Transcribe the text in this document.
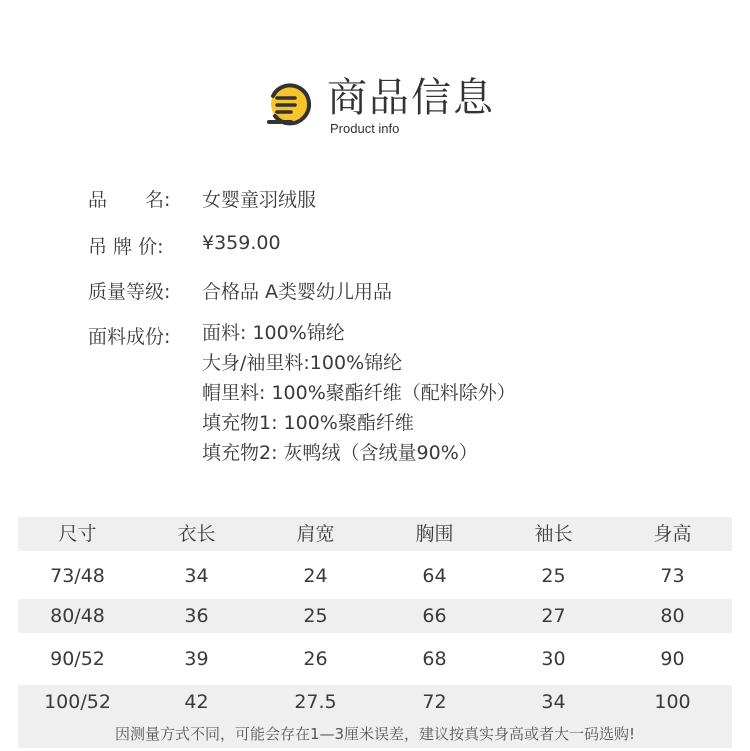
商品信息
Product info
品　　名:	女婴童羽绒服
吊 牌 价:	¥359.00
质量等级:	合格品 A类婴幼儿用品
面料成份:	面料: 100%锦纶
大身/袖里料:100%锦纶
帽里料: 100%聚酯纤维（配料除外）
填充物1: 100%聚酯纤维
填充物2: 灰鸭绒（含绒量90%）
尺寸	衣长	肩宽	胸围	袖长	身高
73/48	34	24	64	25	73
80/48	36	25	66	27	80
90/52	39	26	68	30	90
100/52	42	27.5	72	34	100
因测量方式不同，可能会存在1—3厘米误差，建议按真实身高或者大一码选购!
